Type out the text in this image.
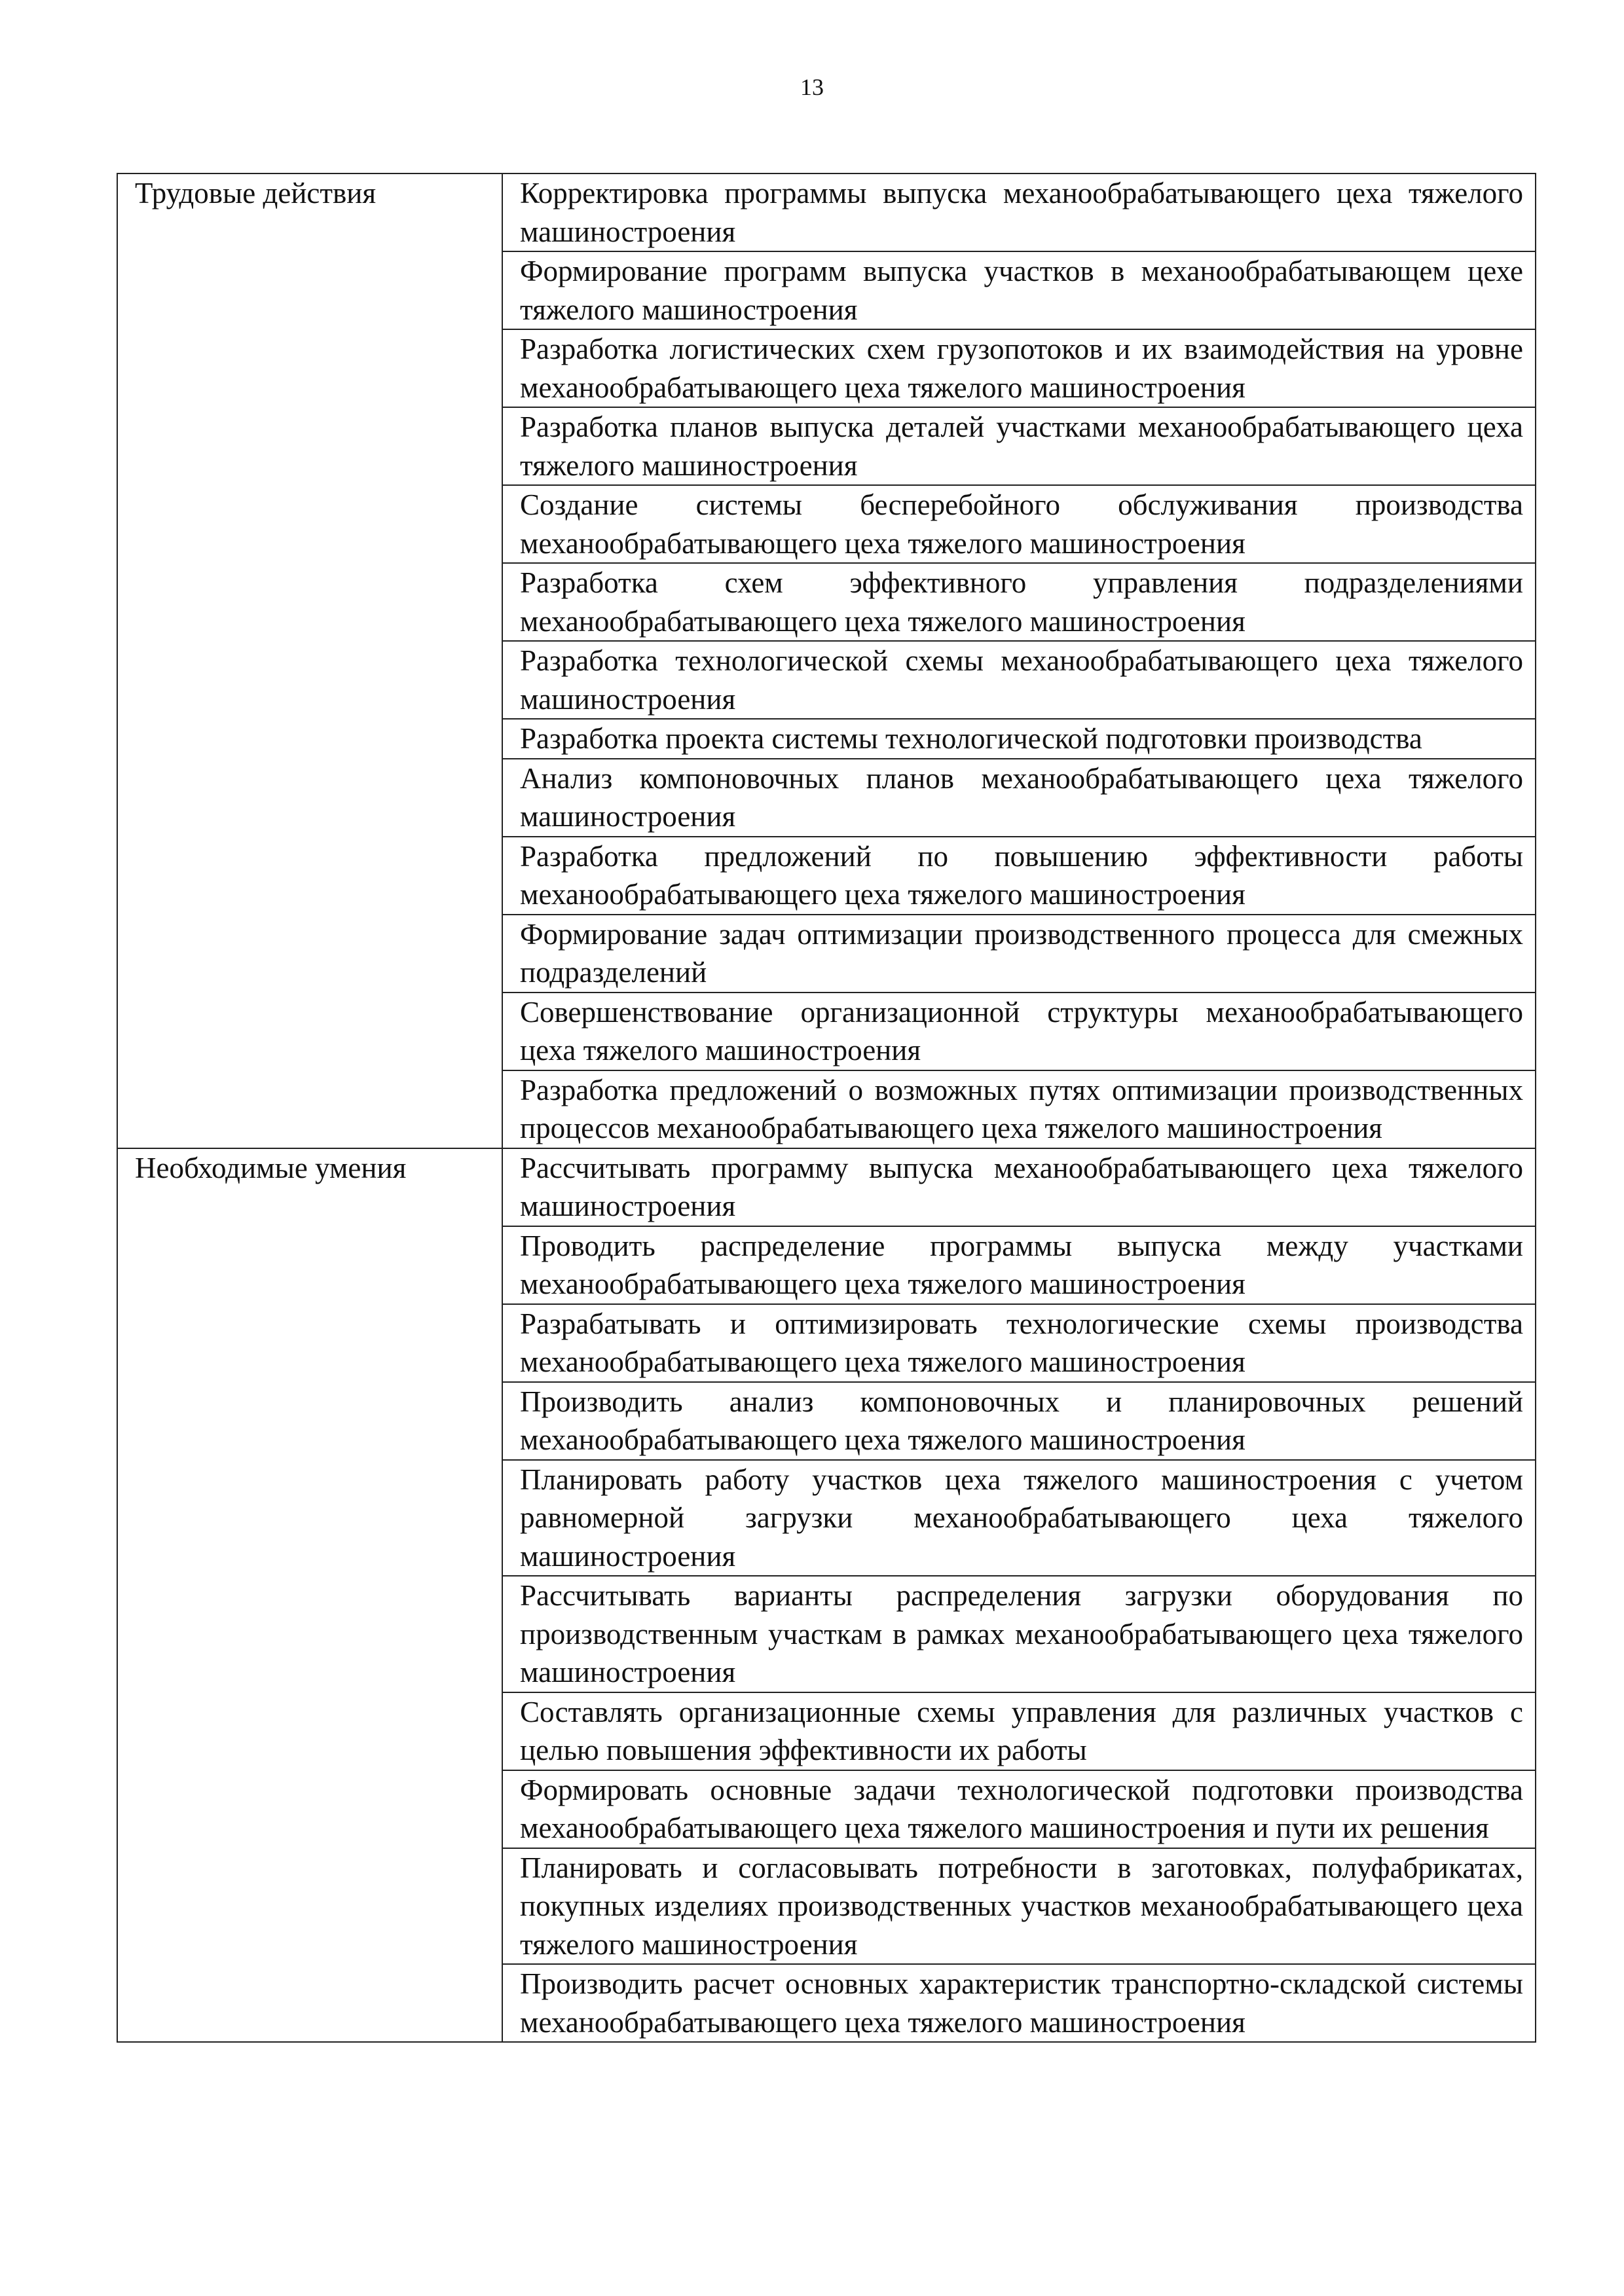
13
Трудовые действия	Корректировка программы выпуска механообрабатывающего цеха тяжелого машиностроения
	Формирование программ выпуска участков в механообрабатывающем цехе тяжелого машиностроения
	Разработка логистических схем грузопотоков и их взаимодействия на уровне механообрабатывающего цеха тяжелого машиностроения
	Разработка планов выпуска деталей участками механообрабатывающего цеха тяжелого машиностроения
	Создание системы бесперебойного обслуживания производства механообрабатывающего цеха тяжелого машиностроения
	Разработка схем эффективного управления подразделениями механообрабатывающего цеха тяжелого машиностроения
	Разработка технологической схемы механообрабатывающего цеха тяжелого машиностроения
	Разработка проекта системы технологической подготовки производства
	Анализ компоновочных планов механообрабатывающего цеха тяжелого машиностроения
	Разработка предложений по повышению эффективности работы механообрабатывающего цеха тяжелого машиностроения
	Формирование задач оптимизации производственного процесса для смежных подразделений
	Совершенствование организационной структуры механообрабатывающего цеха тяжелого машиностроения
	Разработка предложений о возможных путях оптимизации производственных процессов механообрабатывающего цеха тяжелого машиностроения
Необходимые умения	Рассчитывать программу выпуска механообрабатывающего цеха тяжелого машиностроения
	Проводить распределение программы выпуска между участками механообрабатывающего цеха тяжелого машиностроения
	Разрабатывать и оптимизировать технологические схемы производства механообрабатывающего цеха тяжелого машиностроения
	Производить анализ компоновочных и планировочных решений механообрабатывающего цеха тяжелого машиностроения
	Планировать работу участков цеха тяжелого машиностроения с учетом равномерной загрузки механообрабатывающего цеха тяжелого машиностроения
	Рассчитывать варианты распределения загрузки оборудования по производственным участкам в рамках механообрабатывающего цеха тяжелого машиностроения
	Составлять организационные схемы управления для различных участков с целью повышения эффективности их работы
	Формировать основные задачи технологической подготовки производства механообрабатывающего цеха тяжелого машиностроения и пути их решения
	Планировать и согласовывать потребности в заготовках, полуфабрикатах, покупных изделиях производственных участков механообрабатывающего цеха тяжелого машиностроения
	Производить расчет основных характеристик транспортно-складской системы механообрабатывающего цеха тяжелого машиностроения
